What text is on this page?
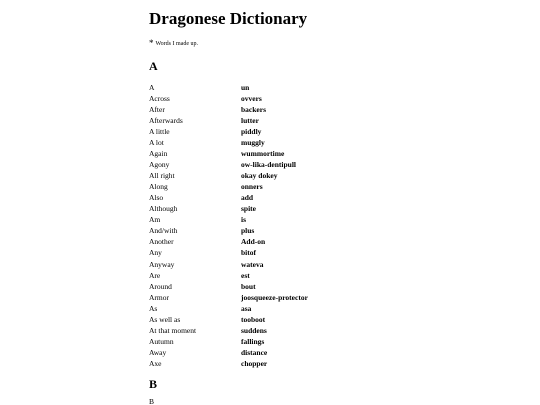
Dragonese Dictionary
* Words I made up.
A
A	un
Across	ovvers
After	backers
Afterwards	lutter
A little	piddly
A lot	muggly
Again	wummortime
Agony	ow-lika-dentipull
All right	okay dokey
Along	onners
Also	add
Although	spite
Am	is
And/with	plus
Another	Add-on
Any	bitof
Anyway	wateva
Are	est
Around	bout
Armor	joosqueeze-protector
As	asa
As well as	tooboot
At that moment	suddens
Autumn	fallings
Away	distance
Axe	chopper
B
B
